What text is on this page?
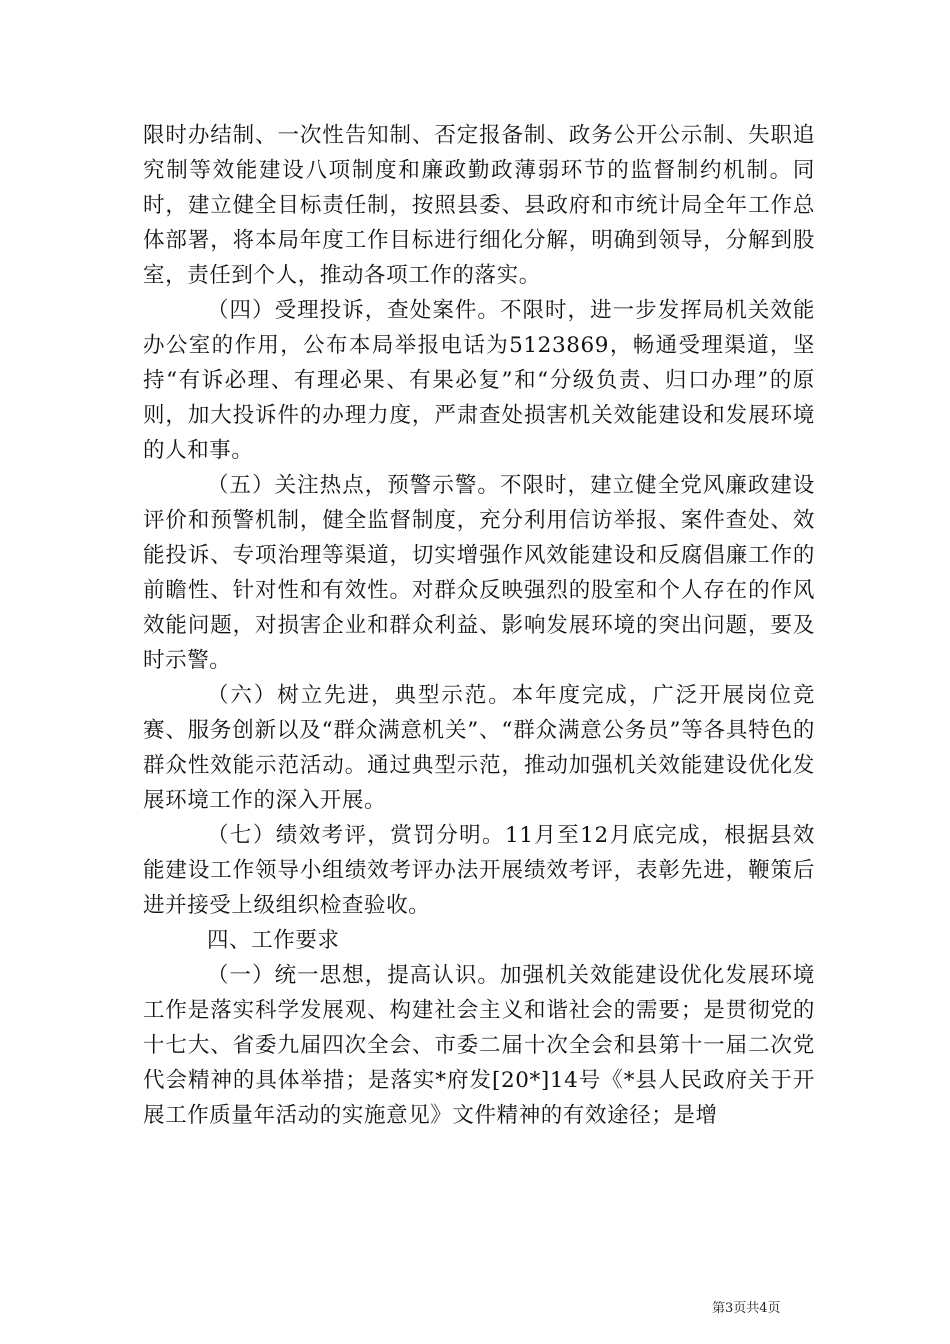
限时办结制、一次性告知制、否定报备制、政务公开公示制、失职追究制等效能建设八项制度和廉政勤政薄弱环节的监督制约机制。同时，建立健全目标责任制，按照县委、县政府和市统计局全年工作总体部署，将本局年度工作目标进行细化分解，明确到领导，分解到股室，责任到个人，推动各项工作的落实。

（四）受理投诉，查处案件。不限时，进一步发挥局机关效能办公室的作用，公布本局举报电话为5123869，畅通受理渠道，坚持“有诉必理、有理必果、有果必复”和“分级负责、归口办理”的原则，加大投诉件的办理力度，严肃查处损害机关效能建设和发展环境的人和事。

（五）关注热点，预警示警。不限时，建立健全党风廉政建设评价和预警机制，健全监督制度，充分利用信访举报、案件查处、效能投诉、专项治理等渠道，切实增强作风效能建设和反腐倡廉工作的前瞻性、针对性和有效性。对群众反映强烈的股室和个人存在的作风效能问题，对损害企业和群众利益、影响发展环境的突出问题，要及时示警。

（六）树立先进，典型示范。本年度完成，广泛开展岗位竞赛、服务创新以及“群众满意机关”、“群众满意公务员”等各具特色的群众性效能示范活动。通过典型示范，推动加强机关效能建设优化发展环境工作的深入开展。

（七）绩效考评，赏罚分明。11月至12月底完成，根据县效能建设工作领导小组绩效考评办法开展绩效考评，表彰先进，鞭策后进并接受上级组织检查验收。

四、工作要求

（一）统一思想，提高认识。加强机关效能建设优化发展环境工作是落实科学发展观、构建社会主义和谐社会的需要；是贯彻党的十七大、省委九届四次全会、市委二届十次全会和县第十一届二次党代会精神的具体举措；是落实*府发[20*]14号《*县人民政府关于开展工作质量年活动的实施意见》文件精神的有效途径；是增

第3页共4页
